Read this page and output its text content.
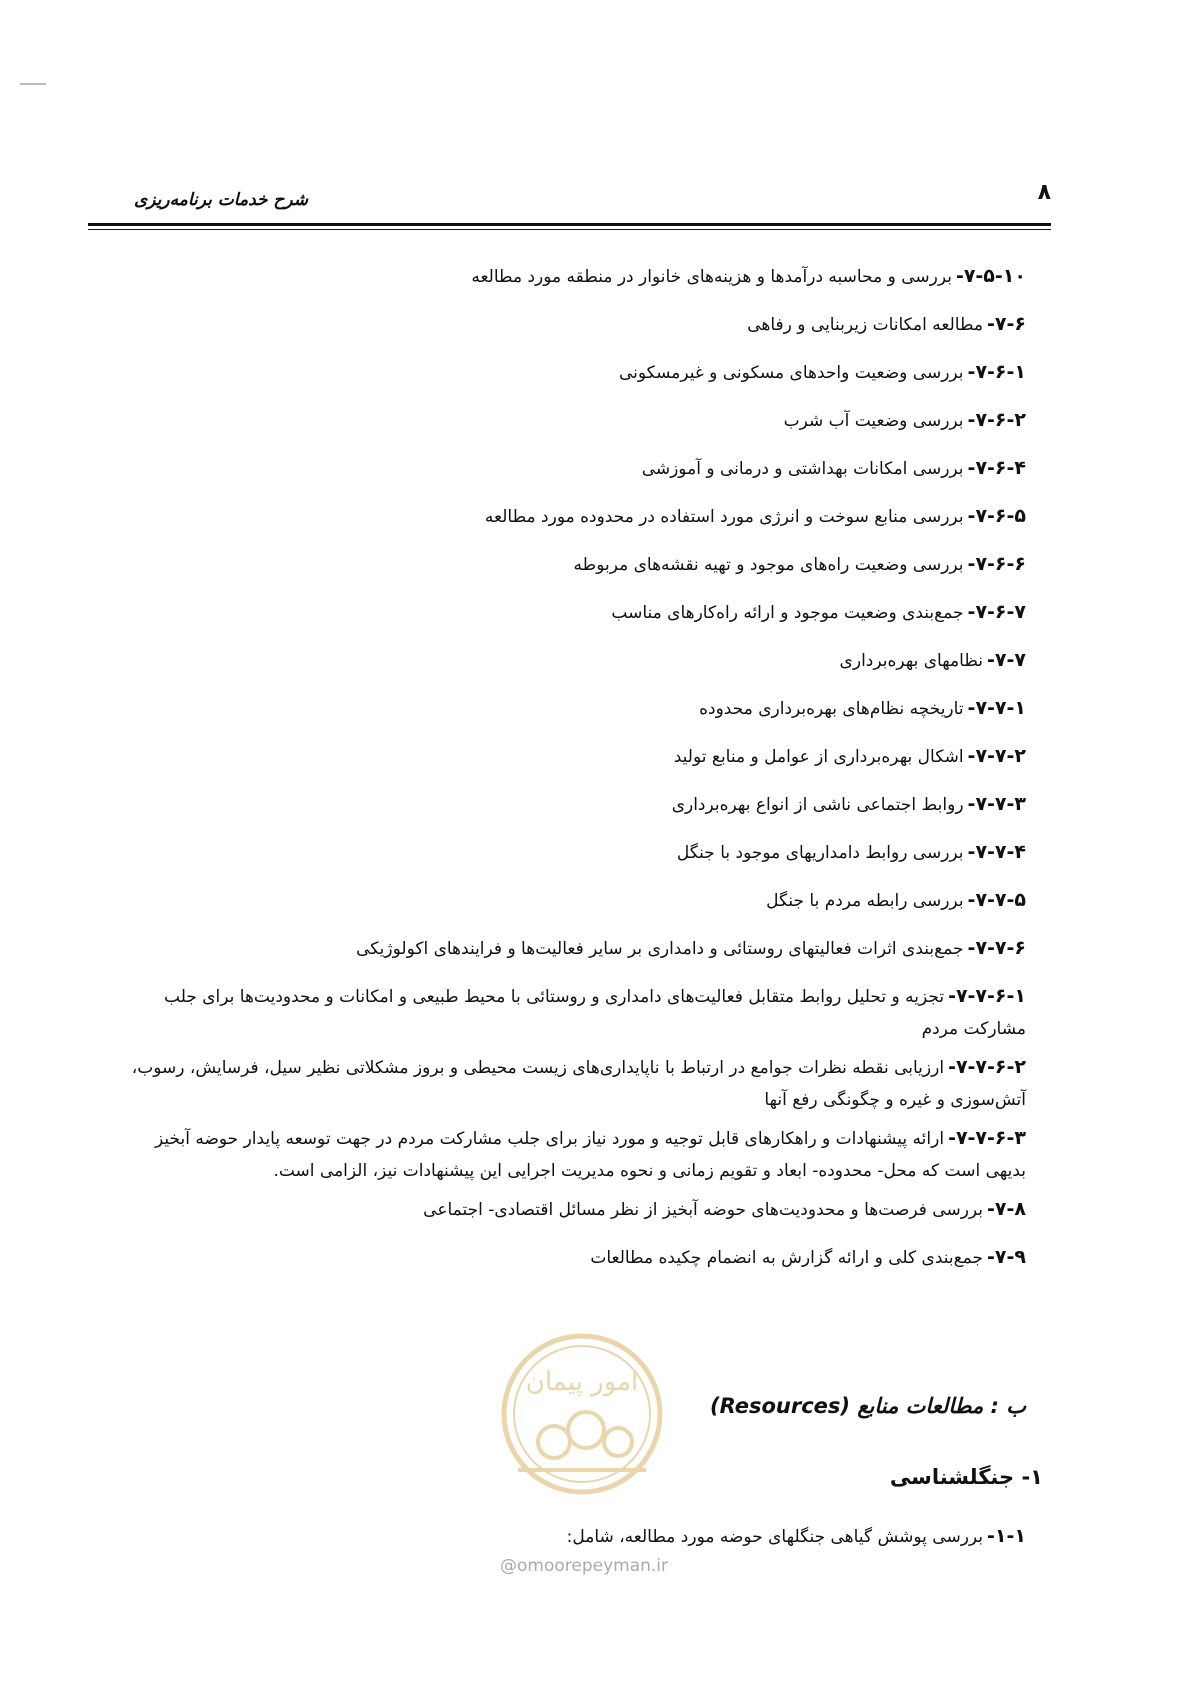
۸
شرح خدمات برنامه‌ریزی
۷-۵-۱۰-بررسی و محاسبه درآمدها و هزینه‌های خانوار در منطقه مورد مطالعه
۷-۶-مطالعه امکانات زیربنایی و رفاهی
۷-۶-۱-بررسی وضعیت واحدهای مسکونی و غیرمسکونی
۷-۶-۲-بررسی وضعیت آب شرب
۷-۶-۴-بررسی امکانات بهداشتی و درمانی و آموزشی
۷-۶-۵-بررسی منابع سوخت و انرژی مورد استفاده در محدوده مورد مطالعه
۷-۶-۶-بررسی وضعیت راه‌های موجود و تهیه نقشه‌های مربوطه
۷-۶-۷-جمع‌بندی وضعیت موجود و ارائه راه‌کارهای مناسب
۷-۷-نظامهای بهره‌برداری
۷-۷-۱-تاریخچه نظام‌های بهره‌برداری محدوده
۷-۷-۲-اشکال بهره‌برداری از عوامل و منابع تولید
۷-۷-۳-روابط اجتماعی ناشی از انواع بهره‌برداری
۷-۷-۴-بررسی روابط دامداریهای موجود با جنگل
۷-۷-۵-بررسی رابطه مردم با جنگل
۷-۷-۶-جمع‌بندی اثرات فعالیتهای روستائی و دامداری بر سایر فعالیت‌ها و فرایندهای اکولوژیکی
۷-۷-۶-۱-تجزیه و تحلیل روابط متقابل فعالیت‌های دامداری و روستائی با محیط طبیعی و امکانات و محدودیت‌ها برای جلب مشارکت مردم
۷-۷-۶-۲-ارزیابی نقطه نظرات جوامع در ارتباط با ناپایداری‌های زیست محیطی و بروز مشکلاتی نظیر سیل، فرسایش، رسوب، آتش‌سوزی و غیره و چگونگی رفع آنها
۷-۷-۶-۳-ارائه پیشنهادات و راهکارهای قابل توجیه و مورد نیاز برای جلب مشارکت مردم در جهت توسعه پایدار حوضه آبخیز بدیهی است که محل- محدوده- ابعاد و تقویم زمانی و نحوه مدیریت اجرایی این پیشنهادات نیز، الزامی است.
۷-۸-بررسی فرصت‌ها و محدودیت‌های حوضه آبخیز از نظر مسائل اقتصادی- اجتماعی
۷-۹-جمع‌بندی کلی و ارائه گزارش به انضمام چکیده مطالعات
امور پیمان
ب : مطالعات منابع (Resources)
۱- جنگلشناسی
۱-۱-بررسی پوشش گیاهی جنگلهای حوضه مورد مطالعه، شامل:
@omoorepeyman.ir
